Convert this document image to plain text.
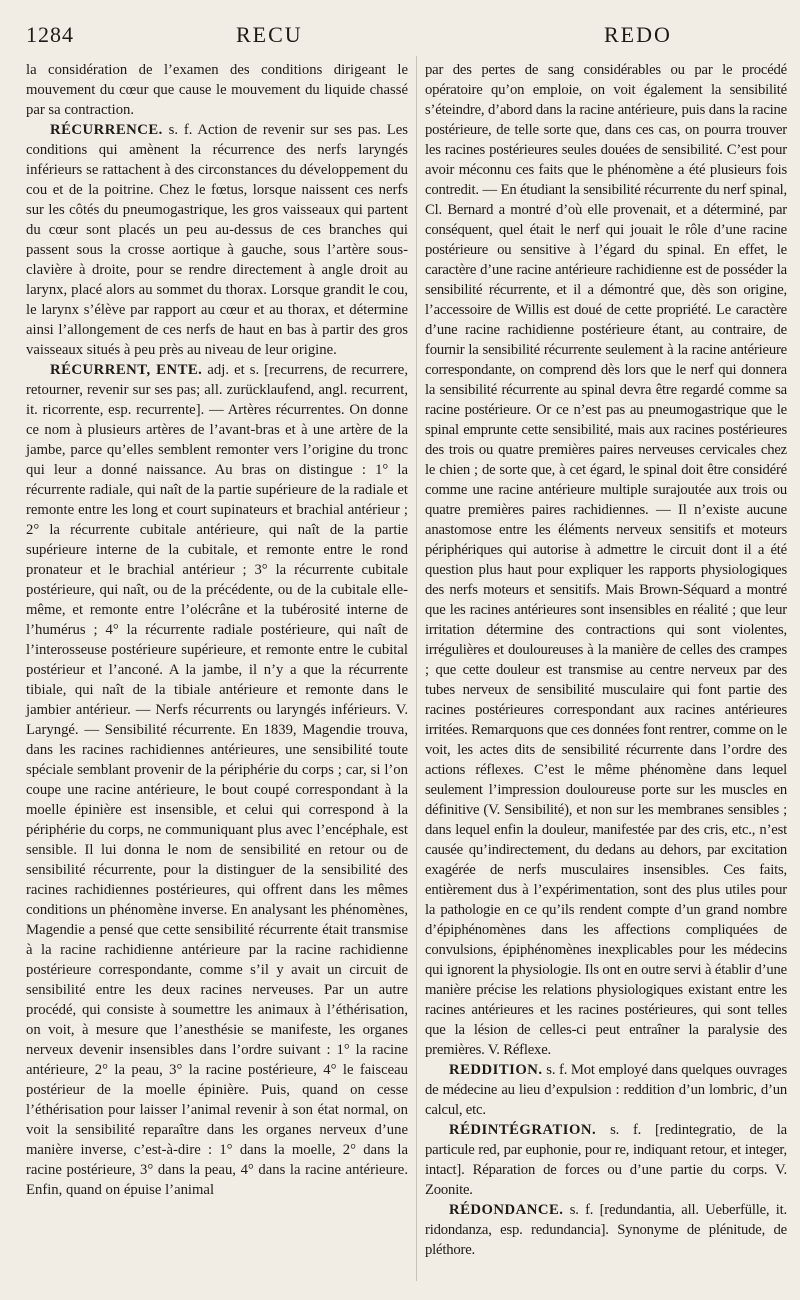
1284	RECU	REDO

la considération de l’examen des conditions dirigeant le mouvement du cœur que cause le mouvement du liquide chassé par sa contraction.

RÉCURRENCE. s. f. Action de revenir sur ses pas. Les conditions qui amènent la récurrence des nerfs laryngés inférieurs se rattachent à des circonstances du développement du cou et de la poitrine. Chez le fœtus, lorsque naissent ces nerfs sur les côtés du pneumogastrique, les gros vaisseaux qui partent du cœur sont placés un peu au-dessus de ces branches qui passent sous la crosse aortique à gauche, sous l’artère sous-clavière à droite, pour se rendre directement à angle droit au larynx, placé alors au sommet du thorax. Lorsque grandit le cou, le larynx s’élève par rapport au cœur et au thorax, et détermine ainsi l’allongement de ces nerfs de haut en bas à partir des gros vaisseaux situés à peu près au niveau de leur origine.

RÉCURRENT, ENTE. adj. et s. [recurrens, de recurrere, retourner, revenir sur ses pas; all. zurücklaufend, angl. recurrent, it. ricorrente, esp. recurrente]. — Artères récurrentes. On donne ce nom à plusieurs artères de l’avant-bras et à une artère de la jambe, parce qu’elles semblent remonter vers l’origine du tronc qui leur a donné naissance. Au bras on distingue : 1° la récurrente radiale, qui naît de la partie supérieure de la radiale et remonte entre les long et court supinateurs et brachial antérieur ; 2° la récurrente cubitale antérieure, qui naît de la partie supérieure interne de la cubitale, et remonte entre le rond pronateur et le brachial antérieur ; 3° la récurrente cubitale postérieure, qui naît, ou de la précédente, ou de la cubitale elle-même, et remonte entre l’olécrâne et la tubérosité interne de l’humérus ; 4° la récurrente radiale postérieure, qui naît de l’interosseuse postérieure supérieure, et remonte entre le cubital postérieur et l’anconé. A la jambe, il n’y a que la récurrente tibiale, qui naît de la tibiale antérieure et remonte dans le jambier antérieur. — Nerfs récurrents ou laryngés inférieurs. V. Laryngé. — Sensibilité récurrente. En 1839, Magendie trouva, dans les racines rachidiennes antérieures, une sensibilité toute spéciale semblant provenir de la périphérie du corps ; car, si l’on coupe une racine antérieure, le bout coupé correspondant à la moelle épinière est insensible, et celui qui correspond à la périphérie du corps, ne communiquant plus avec l’encéphale, est sensible. Il lui donna le nom de sensibilité en retour ou de sensibilité récurrente, pour la distinguer de la sensibilité des racines rachidiennes postérieures, qui offrent dans les mêmes conditions un phénomène inverse. En analysant les phénomènes, Magendie a pensé que cette sensibilité récurrente était transmise à la racine rachidienne antérieure par la racine rachidienne postérieure correspondante, comme s’il y avait un circuit de sensibilité entre les deux racines nerveuses. Par un autre procédé, qui consiste à soumettre les animaux à l’éthérisation, on voit, à mesure que l’anesthésie se manifeste, les organes nerveux devenir insensibles dans l’ordre suivant : 1° la racine antérieure, 2° la peau, 3° la racine postérieure, 4° le faisceau postérieur de la moelle épinière. Puis, quand on cesse l’éthérisation pour laisser l’animal revenir à son état normal, on voit la sensibilité reparaître dans les organes nerveux d’une manière inverse, c’est-à-dire : 1° dans la moelle, 2° dans la racine postérieure, 3° dans la peau, 4° dans la racine antérieure. Enfin, quand on épuise l’animal

par des pertes de sang considérables ou par le procédé opératoire qu’on emploie, on voit également la sensibilité s’éteindre, d’abord dans la racine antérieure, puis dans la racine postérieure, de telle sorte que, dans ces cas, on pourra trouver les racines postérieures seules douées de sensibilité. C’est pour avoir méconnu ces faits que le phénomène a été plusieurs fois contredit. — En étudiant la sensibilité récurrente du nerf spinal, Cl. Bernard a montré d’où elle provenait, et a déterminé, par conséquent, quel était le nerf qui jouait le rôle d’une racine postérieure ou sensitive à l’égard du spinal. En effet, le caractère d’une racine antérieure rachidienne est de posséder la sensibilité récurrente, et il a démontré que, dès son origine, l’accessoire de Willis est doué de cette propriété. Le caractère d’une racine rachidienne postérieure étant, au contraire, de fournir la sensibilité récurrente seulement à la racine antérieure correspondante, on comprend dès lors que le nerf qui donnera la sensibilité récurrente au spinal devra être regardé comme sa racine postérieure. Or ce n’est pas au pneumogastrique que le spinal emprunte cette sensibilité, mais aux racines postérieures des trois ou quatre premières paires nerveuses cervicales chez le chien ; de sorte que, à cet égard, le spinal doit être considéré comme une racine antérieure multiple surajoutée aux trois ou quatre premières paires rachidiennes. — Il n’existe aucune anastomose entre les éléments nerveux sensitifs et moteurs périphériques qui autorise à admettre le circuit dont il a été question plus haut pour expliquer les rapports physiologiques des nerfs moteurs et sensitifs. Mais Brown-Séquard a montré que les racines antérieures sont insensibles en réalité ; que leur irritation détermine des contractions qui sont violentes, irrégulières et douloureuses à la manière de celles des crampes ; que cette douleur est transmise au centre nerveux par des tubes nerveux de sensibilité musculaire qui font partie des racines postérieures correspondant aux racines antérieures irritées. Remarquons que ces données font rentrer, comme on le voit, les actes dits de sensibilité récurrente dans l’ordre des actions réflexes. C’est le même phénomène dans lequel seulement l’impression douloureuse porte sur les muscles en définitive (V. Sensibilité), et non sur les membranes sensibles ; dans lequel enfin la douleur, manifestée par des cris, etc., n’est causée qu’indirectement, du dedans au dehors, par excitation exagérée de nerfs musculaires insensibles. Ces faits, entièrement dus à l’expérimentation, sont des plus utiles pour la pathologie en ce qu’ils rendent compte d’un grand nombre d’épiphénomènes dans les affections compliquées de convulsions, épiphénomènes inexplicables pour les médecins qui ignorent la physiologie. Ils ont en outre servi à établir d’une manière précise les relations physiologiques existant entre les racines antérieures et les racines postérieures, qui sont telles que la lésion de celles-ci peut entraîner la paralysie des premières. V. Réflexe.

REDDITION. s. f. Mot employé dans quelques ouvrages de médecine au lieu d’expulsion : reddition d’un lombric, d’un calcul, etc.

RÉDINTÉGRATION. s. f. [redintegratio, de la particule red, par euphonie, pour re, indiquant retour, et integer, intact]. Réparation de forces ou d’une partie du corps. V. Zoonite.

RÉDONDANCE. s. f. [redundantia, all. Ueberfülle, it. ridondanza, esp. redundancia]. Synonyme de plénitude, de pléthore.
